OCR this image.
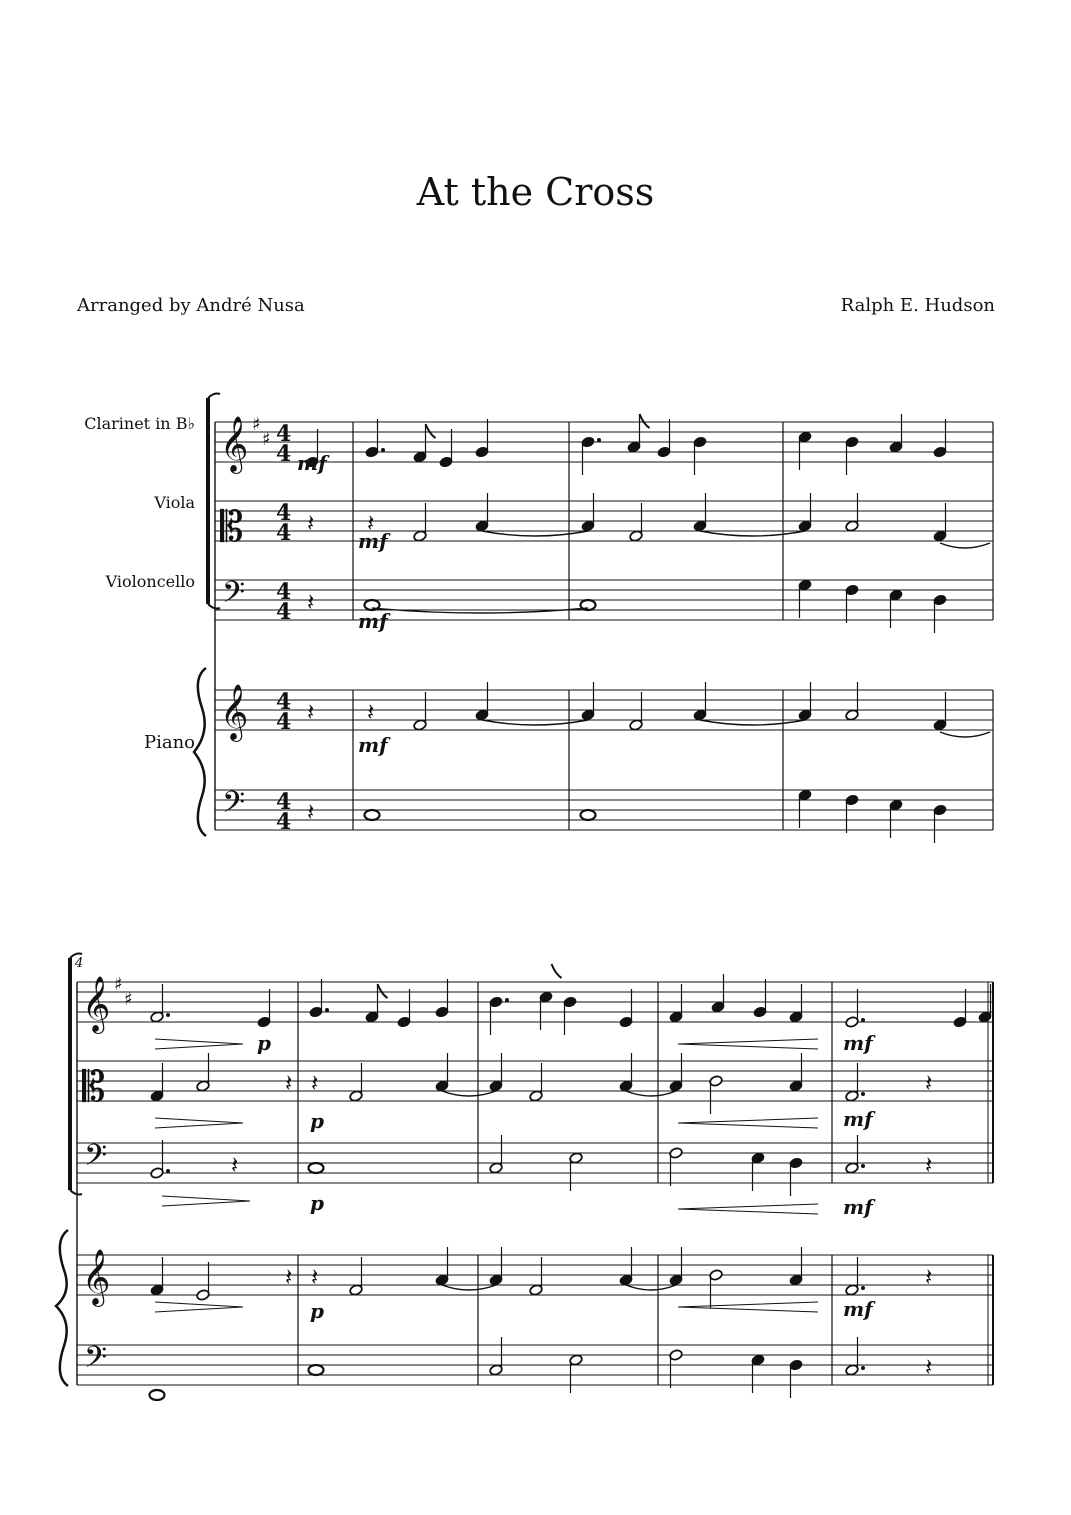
At the Cross
Arranged by André Nusa	Ralph E. Hudson
Clarinet in B♭
Viola
Violoncello
Piano
𝄞 ♯
♯ 4
4
𝄡 4
4
𝄢 4
4
𝄞 4
4
𝄢 4
4
mf
𝄽 𝄽
mf
𝄽
mf
𝄽 𝄽
mf
𝄽
4
𝄞 ♯
♯
𝄡
𝄢
𝄞
𝄢
p	mf
𝄽 𝄽	𝄽
p	mf
𝄽	𝄽
p	mf
𝄽 𝄽	𝄽
p	mf
𝄽
